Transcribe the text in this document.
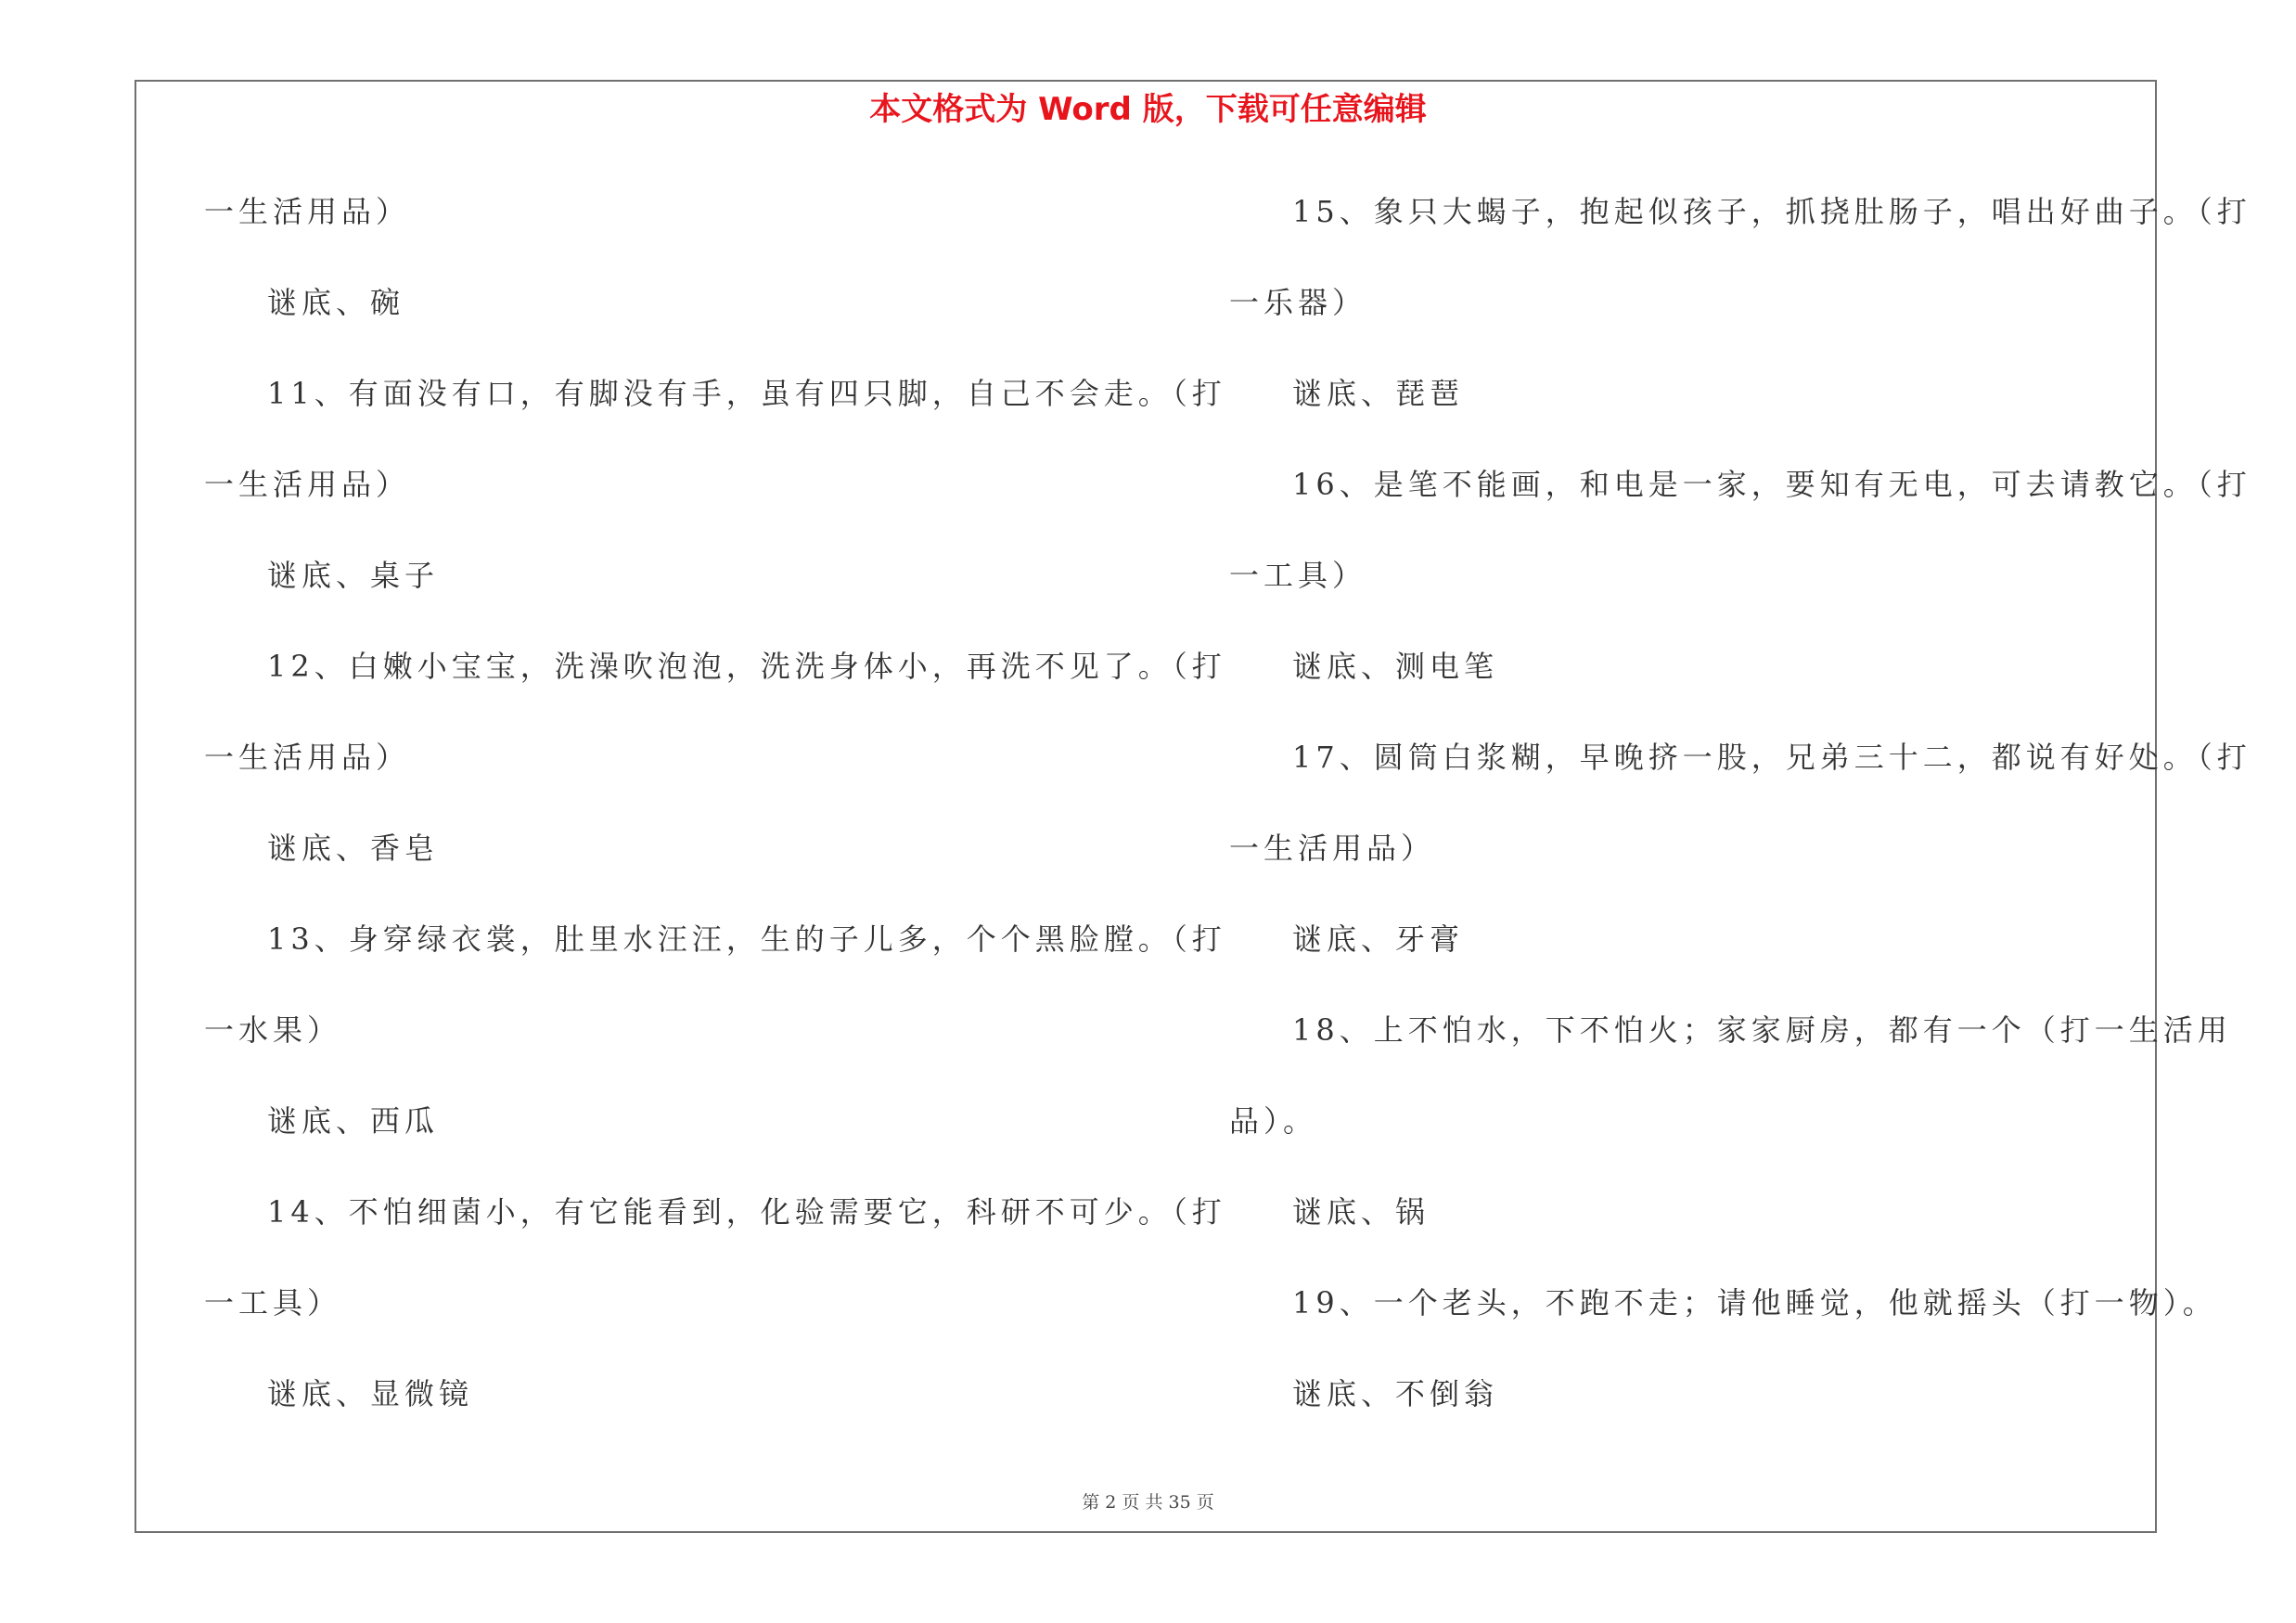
本文格式为 Word 版，下载可任意编辑

一生活用品）

谜底、碗

11、有面没有口，有脚没有手，虽有四只脚，自己不会走。（打

一生活用品）

谜底、桌子

12、白嫩小宝宝，洗澡吹泡泡，洗洗身体小，再洗不见了。（打

一生活用品）

谜底、香皂

13、身穿绿衣裳，肚里水汪汪，生的子儿多，个个黑脸膛。（打

一水果）

谜底、西瓜

14、不怕细菌小，有它能看到，化验需要它，科研不可少。（打

一工具）

谜底、显微镜

15、象只大蝎子，抱起似孩子，抓挠肚肠子，唱出好曲子。（打

一乐器）

谜底、琵琶

16、是笔不能画，和电是一家，要知有无电，可去请教它。（打

一工具）

谜底、测电笔

17、圆筒白浆糊，早晚挤一股，兄弟三十二，都说有好处。（打

一生活用品）

谜底、牙膏

18、上不怕水，下不怕火；家家厨房，都有一个（打一生活用

品）。

谜底、锅

19、一个老头，不跑不走；请他睡觉，他就摇头（打一物）。

谜底、不倒翁

第 2 页 共 35 页
